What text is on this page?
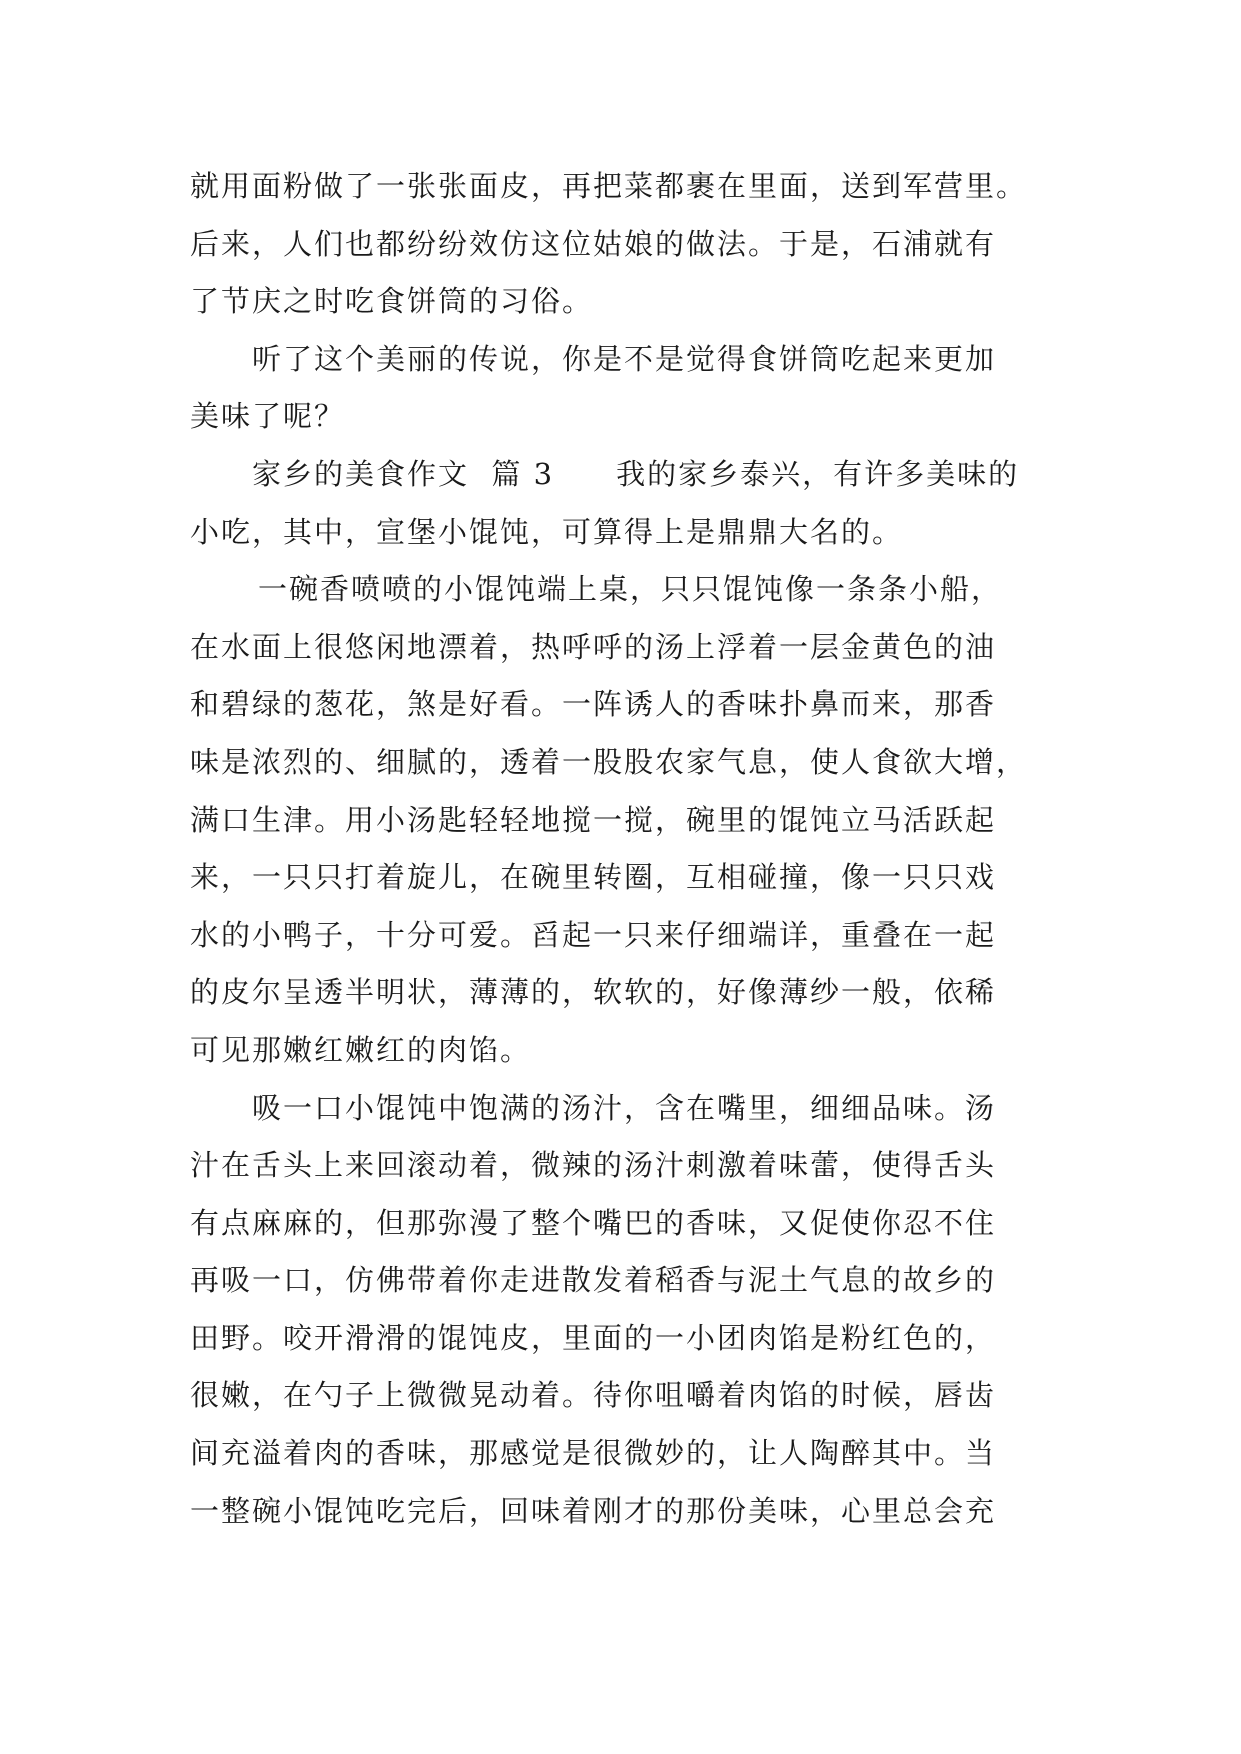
就用面粉做了一张张面皮，再把菜都裹在里面，送到军营里。
后来，人们也都纷纷效仿这位姑娘的做法。于是，石浦就有
了节庆之时吃食饼筒的习俗。

听了这个美丽的传说，你是不是觉得食饼筒吃起来更加
美味了呢？

家乡的美食作文  篇 3 我的家乡泰兴，有许多美味的
小吃，其中，宣堡小馄饨，可算得上是鼎鼎大名的。

一碗香喷喷的小馄饨端上桌，只只馄饨像一条条小船，
在水面上很悠闲地漂着，热呼呼的汤上浮着一层金黄色的油
和碧绿的葱花，煞是好看。一阵诱人的香味扑鼻而来，那香
味是浓烈的、细腻的，透着一股股农家气息，使人食欲大增，
满口生津。用小汤匙轻轻地搅一搅，碗里的馄饨立马活跃起
来，一只只打着旋儿，在碗里转圈，互相碰撞，像一只只戏
水的小鸭子，十分可爱。舀起一只来仔细端详，重叠在一起
的皮尔呈透半明状，薄薄的，软软的，好像薄纱一般，依稀
可见那嫩红嫩红的肉馅。

吸一口小馄饨中饱满的汤汁，含在嘴里，细细品味。汤
汁在舌头上来回滚动着，微辣的汤汁刺激着味蕾，使得舌头
有点麻麻的，但那弥漫了整个嘴巴的香味，又促使你忍不住
再吸一口，仿佛带着你走进散发着稻香与泥土气息的故乡的
田野。咬开滑滑的馄饨皮，里面的一小团肉馅是粉红色的，
很嫩，在勺子上微微晃动着。待你咀嚼着肉馅的时候，唇齿
间充溢着肉的香味，那感觉是很微妙的，让人陶醉其中。当
一整碗小馄饨吃完后，回味着刚才的那份美味，心里总会充
